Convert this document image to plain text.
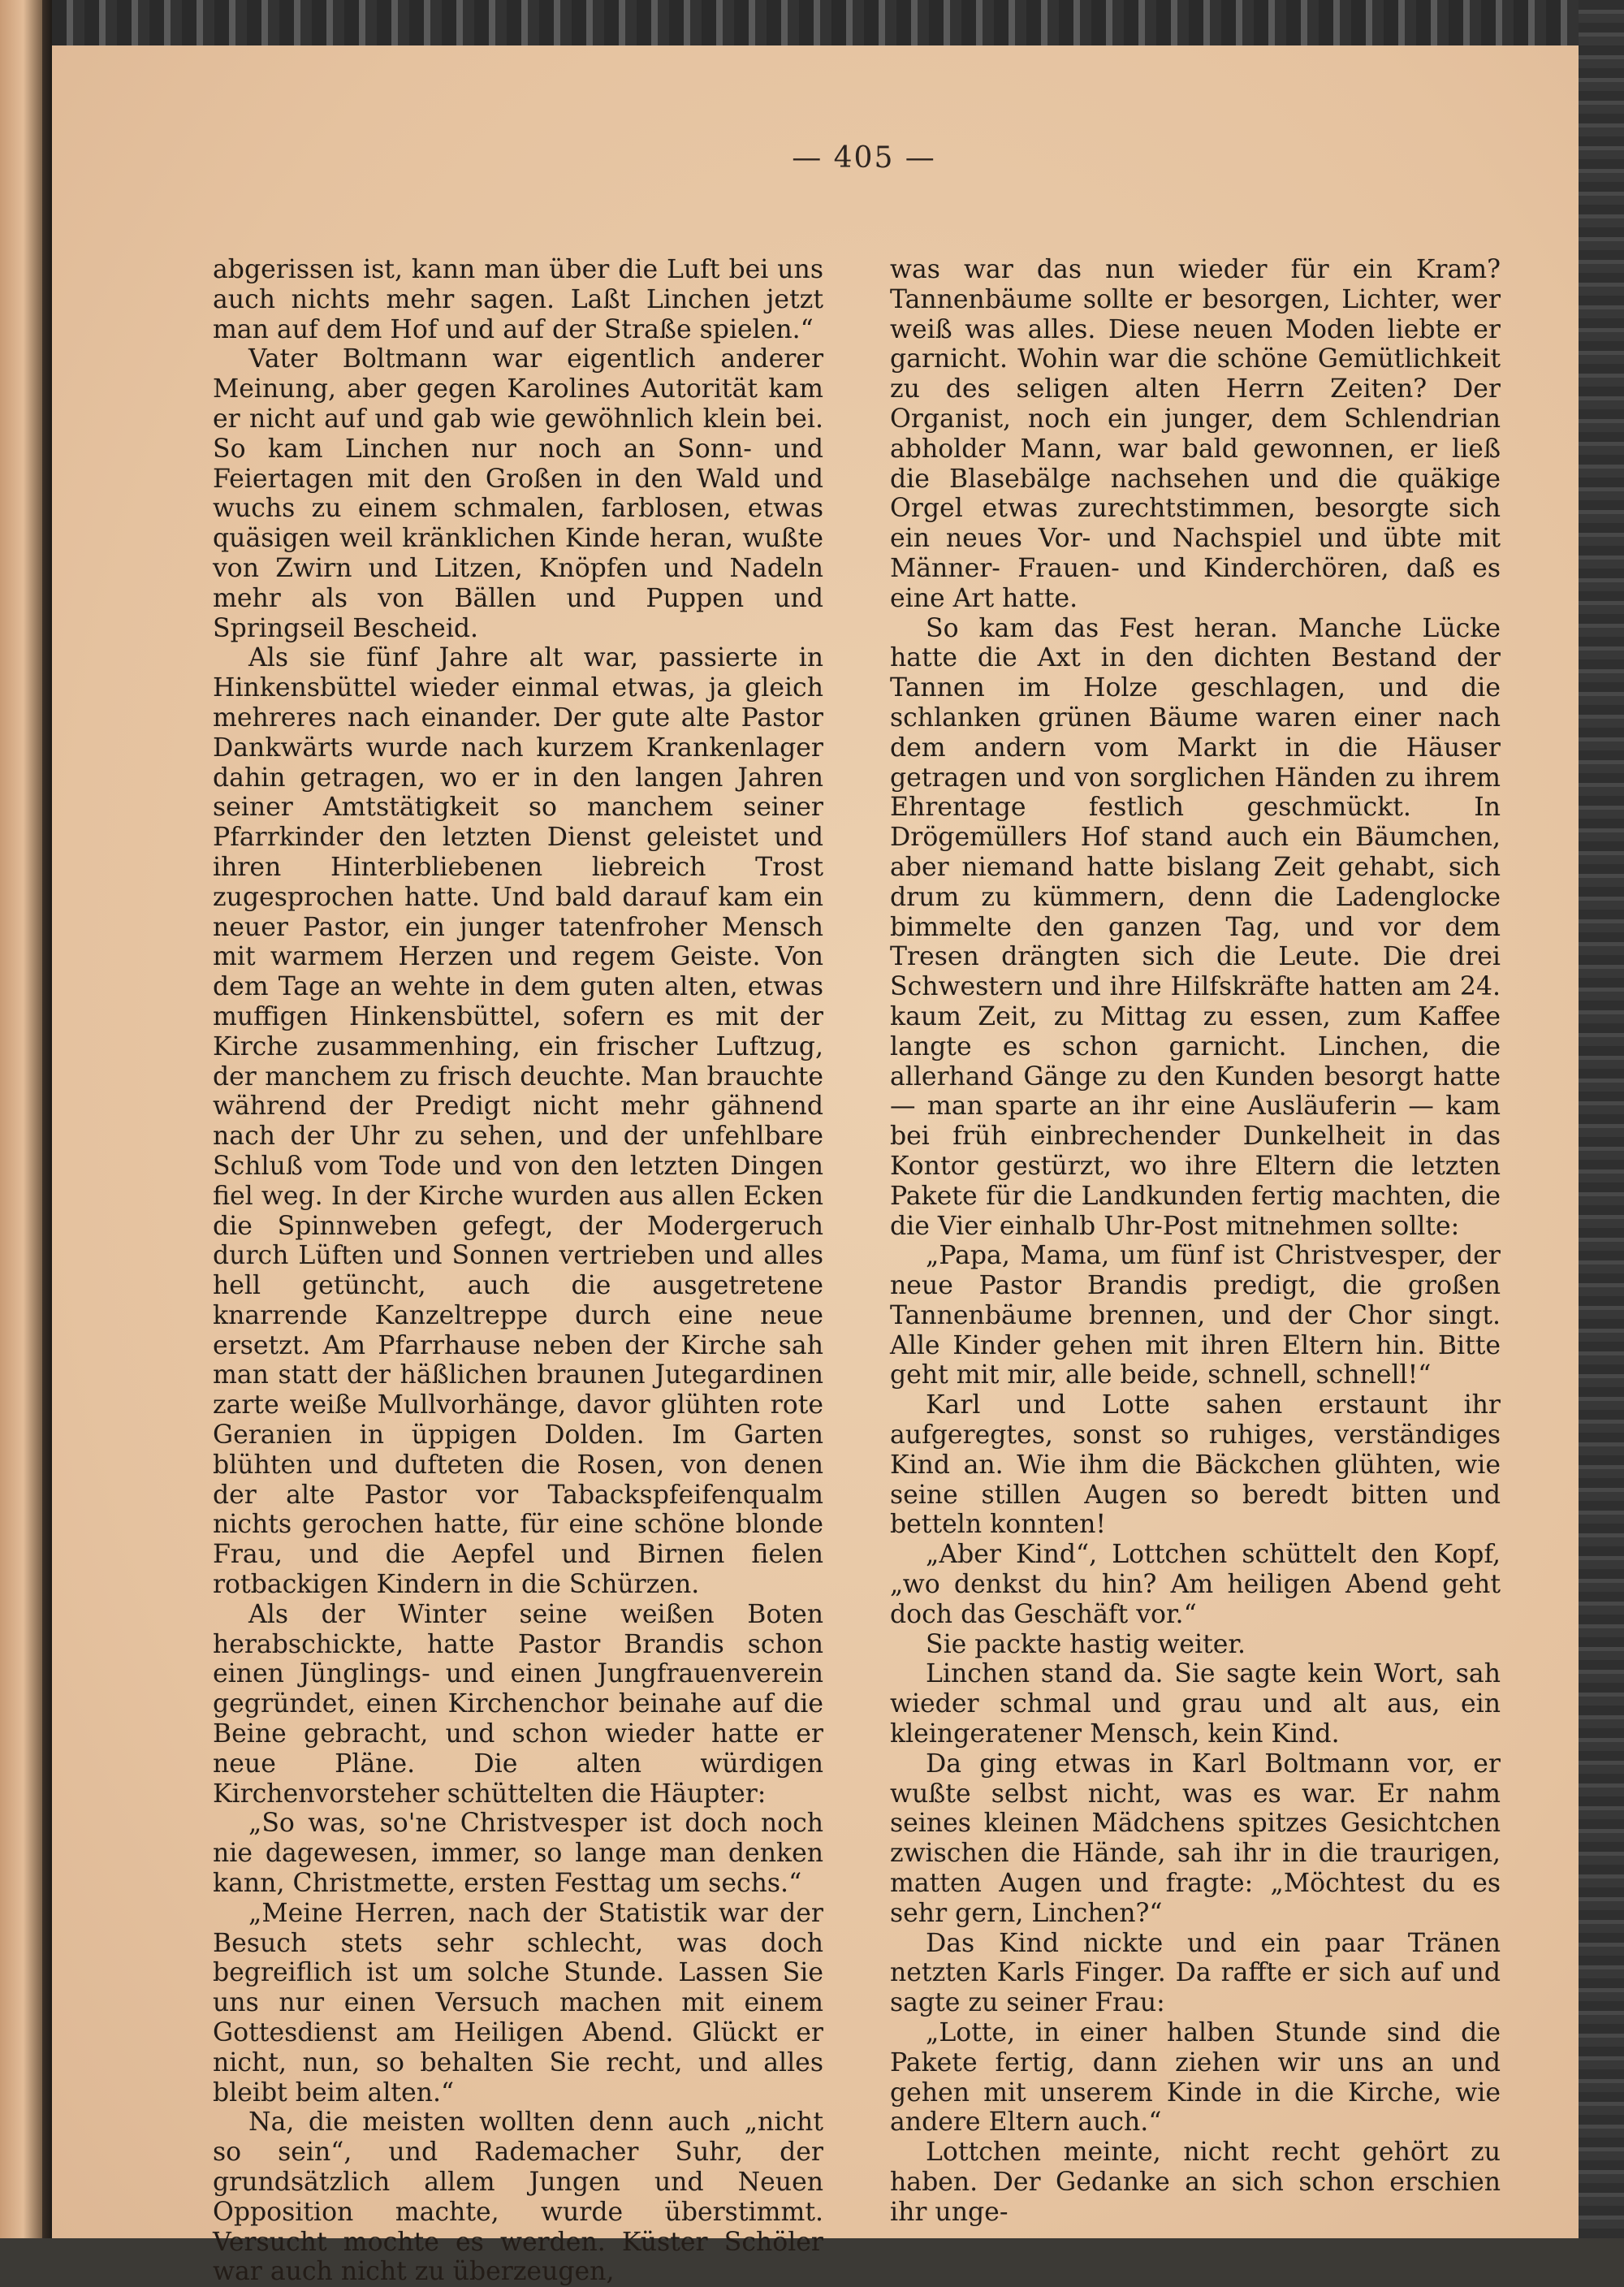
— 405 —

abgerissen ist, kann man über die Luft bei uns auch nichts mehr sagen. Laßt Linchen jetzt man auf dem Hof und auf der Straße spielen.“

Vater Boltmann war eigentlich anderer Meinung, aber gegen Karolines Autorität kam er nicht auf und gab wie gewöhnlich klein bei. So kam Linchen nur noch an Sonn- und Feiertagen mit den Großen in den Wald und wuchs zu einem schmalen, farblosen, etwas quäsigen weil kränklichen Kinde heran, wußte von Zwirn und Litzen, Knöpfen und Nadeln mehr als von Bällen und Puppen und Springseil Bescheid.

Als sie fünf Jahre alt war, passierte in Hinkensbüttel wieder einmal etwas, ja gleich mehreres nach einander. Der gute alte Pastor Dankwärts wurde nach kurzem Krankenlager dahin getragen, wo er in den langen Jahren seiner Amtstätigkeit so manchem seiner Pfarrkinder den letzten Dienst geleistet und ihren Hinterbliebenen liebreich Trost zugesprochen hatte. Und bald darauf kam ein neuer Pastor, ein junger tatenfroher Mensch mit warmem Herzen und regem Geiste. Von dem Tage an wehte in dem guten alten, etwas muffigen Hinkensbüttel, sofern es mit der Kirche zusammenhing, ein frischer Luftzug, der manchem zu frisch deuchte. Man brauchte während der Predigt nicht mehr gähnend nach der Uhr zu sehen, und der unfehlbare Schluß vom Tode und von den letzten Dingen fiel weg. In der Kirche wurden aus allen Ecken die Spinnweben gefegt, der Modergeruch durch Lüften und Sonnen vertrieben und alles hell getüncht, auch die ausgetretene knarrende Kanzeltreppe durch eine neue ersetzt. Am Pfarrhause neben der Kirche sah man statt der häßlichen braunen Jutegardinen zarte weiße Mullvorhänge, davor glühten rote Geranien in üppigen Dolden. Im Garten blühten und dufteten die Rosen, von denen der alte Pastor vor Tabackspfeifenqualm nichts gerochen hatte, für eine schöne blonde Frau, und die Aepfel und Birnen fielen rotbackigen Kindern in die Schürzen.

Als der Winter seine weißen Boten herabschickte, hatte Pastor Brandis schon einen Jünglings- und einen Jungfrauenverein gegründet, einen Kirchenchor beinahe auf die Beine gebracht, und schon wieder hatte er neue Pläne. Die alten würdigen Kirchenvorsteher schüttelten die Häupter:

„So was, so'ne Christvesper ist doch noch nie dagewesen, immer, so lange man denken kann, Christmette, ersten Festtag um sechs.“

„Meine Herren, nach der Statistik war der Besuch stets sehr schlecht, was doch begreiflich ist um solche Stunde. Lassen Sie uns nur einen Versuch machen mit einem Gottesdienst am Heiligen Abend. Glückt er nicht, nun, so behalten Sie recht, und alles bleibt beim alten.“

Na, die meisten wollten denn auch „nicht so sein“, und Rademacher Suhr, der grundsätzlich allem Jungen und Neuen Opposition machte, wurde überstimmt. Versucht mochte es werden. Küster Schöler war auch nicht zu überzeugen,

was war das nun wieder für ein Kram? Tannenbäume sollte er besorgen, Lichter, wer weiß was alles. Diese neuen Moden liebte er garnicht. Wohin war die schöne Gemütlichkeit zu des seligen alten Herrn Zeiten? Der Organist, noch ein junger, dem Schlendrian abholder Mann, war bald gewonnen, er ließ die Blasebälge nachsehen und die quäkige Orgel etwas zurechtstimmen, besorgte sich ein neues Vor- und Nachspiel und übte mit Männer- Frauen- und Kinderchören, daß es eine Art hatte.

So kam das Fest heran. Manche Lücke hatte die Axt in den dichten Bestand der Tannen im Holze geschlagen, und die schlanken grünen Bäume waren einer nach dem andern vom Markt in die Häuser getragen und von sorglichen Händen zu ihrem Ehrentage festlich geschmückt. In Drögemüllers Hof stand auch ein Bäumchen, aber niemand hatte bislang Zeit gehabt, sich drum zu kümmern, denn die Ladenglocke bimmelte den ganzen Tag, und vor dem Tresen drängten sich die Leute. Die drei Schwestern und ihre Hilfskräfte hatten am 24. kaum Zeit, zu Mittag zu essen, zum Kaffee langte es schon garnicht. Linchen, die allerhand Gänge zu den Kunden besorgt hatte — man sparte an ihr eine Ausläuferin — kam bei früh einbrechender Dunkelheit in das Kontor gestürzt, wo ihre Eltern die letzten Pakete für die Landkunden fertig machten, die die Vier einhalb Uhr-Post mitnehmen sollte:

„Papa, Mama, um fünf ist Christvesper, der neue Pastor Brandis predigt, die großen Tannenbäume brennen, und der Chor singt. Alle Kinder gehen mit ihren Eltern hin. Bitte geht mit mir, alle beide, schnell, schnell!“

Karl und Lotte sahen erstaunt ihr aufgeregtes, sonst so ruhiges, verständiges Kind an. Wie ihm die Bäckchen glühten, wie seine stillen Augen so beredt bitten und betteln konnten!

„Aber Kind“, Lottchen schüttelt den Kopf, „wo denkst du hin? Am heiligen Abend geht doch das Geschäft vor.“

Sie packte hastig weiter.

Linchen stand da. Sie sagte kein Wort, sah wieder schmal und grau und alt aus, ein kleingeratener Mensch, kein Kind.

Da ging etwas in Karl Boltmann vor, er wußte selbst nicht, was es war. Er nahm seines kleinen Mädchens spitzes Gesichtchen zwischen die Hände, sah ihr in die traurigen, matten Augen und fragte: „Möchtest du es sehr gern, Linchen?“

Das Kind nickte und ein paar Tränen netzten Karls Finger. Da raffte er sich auf und sagte zu seiner Frau:

„Lotte, in einer halben Stunde sind die Pakete fertig, dann ziehen wir uns an und gehen mit unserem Kinde in die Kirche, wie andere Eltern auch.“

Lottchen meinte, nicht recht gehört zu haben. Der Gedanke an sich schon erschien ihr unge-
